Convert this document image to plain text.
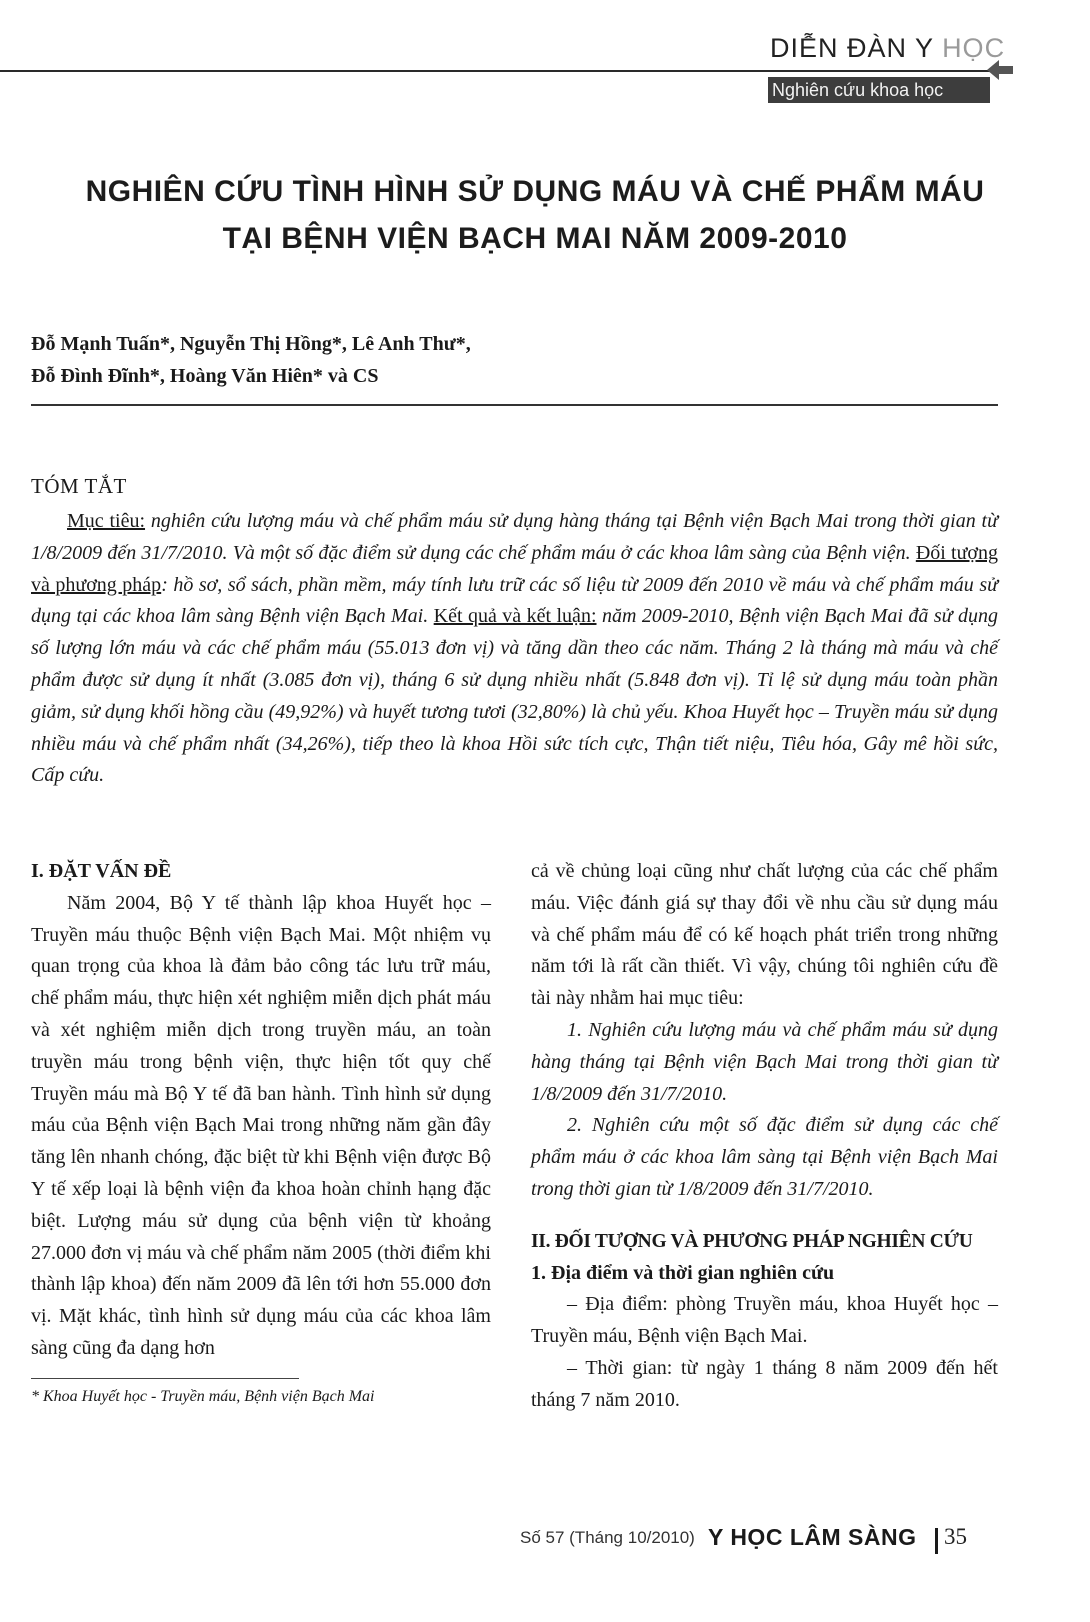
DIỄN ĐÀN Y HỌC
Nghiên cứu khoa học
NGHIÊN CỨU TÌNH HÌNH SỬ DỤNG MÁU VÀ CHẾ PHẨM MÁU
TẠI BỆNH VIỆN BẠCH MAI NĂM 2009-2010
Đỗ Mạnh Tuấn*, Nguyễn Thị Hồng*, Lê Anh Thư*,
Đỗ Đình Đĩnh*, Hoàng Văn Hiên* và CS
TÓM TẮT
Mục tiêu: nghiên cứu lượng máu và chế phẩm máu sử dụng hàng tháng tại Bệnh viện Bạch Mai trong thời gian từ 1/8/2009 đến 31/7/2010. Và một số đặc điểm sử dụng các chế phẩm máu ở các khoa lâm sàng của Bệnh viện. Đối tượng và phương pháp: hồ sơ, sổ sách, phần mềm, máy tính lưu trữ các số liệu từ 2009 đến 2010 về máu và chế phẩm máu sử dụng tại các khoa lâm sàng Bệnh viện Bạch Mai. Kết quả và kết luận: năm 2009-2010, Bệnh viện Bạch Mai đã sử dụng số lượng lớn máu và các chế phẩm máu (55.013 đơn vị) và tăng dần theo các năm. Tháng 2 là tháng mà máu và chế phẩm được sử dụng ít nhất (3.085 đơn vị), tháng 6 sử dụng nhiều nhất (5.848 đơn vị). Tỉ lệ sử dụng máu toàn phần giảm, sử dụng khối hồng cầu (49,92%) và huyết tương tươi (32,80%) là chủ yếu. Khoa Huyết học – Truyền máu sử dụng nhiều máu và chế phẩm nhất (34,26%), tiếp theo là khoa Hồi sức tích cực, Thận tiết niệu, Tiêu hóa, Gây mê hồi sức, Cấp cứu.

I. ĐẶT VẤN ĐỀ

Năm 2004, Bộ Y tế thành lập khoa Huyết học – Truyền máu thuộc Bệnh viện Bạch Mai. Một nhiệm vụ quan trọng của khoa là đảm bảo công tác lưu trữ máu, chế phẩm máu, thực hiện xét nghiệm miễn dịch phát máu và xét nghiệm miễn dịch trong truyền máu, an toàn truyền máu trong bệnh viện, thực hiện tốt quy chế Truyền máu mà Bộ Y tế đã ban hành. Tình hình sử dụng máu của Bệnh viện Bạch Mai trong những năm gần đây tăng lên nhanh chóng, đặc biệt từ khi Bệnh viện được Bộ Y tế xếp loại là bệnh viện đa khoa hoàn chỉnh hạng đặc biệt. Lượng máu sử dụng của bệnh viện từ khoảng 27.000 đơn vị máu và chế phẩm năm 2005 (thời điểm khi thành lập khoa) đến năm 2009 đã lên tới hơn 55.000 đơn vị. Mặt khác, tình hình sử dụng máu của các khoa lâm sàng cũng đa dạng hơn

cả về chủng loại cũng như chất lượng của các chế phẩm máu. Việc đánh giá sự thay đổi về nhu cầu sử dụng máu và chế phẩm máu để có kế hoạch phát triển trong những năm tới là rất cần thiết. Vì vậy, chúng tôi nghiên cứu đề tài này nhằm hai mục tiêu:

1. Nghiên cứu lượng máu và chế phẩm máu sử dụng hàng tháng tại Bệnh viện Bạch Mai trong thời gian từ 1/8/2009 đến 31/7/2010.

2. Nghiên cứu một số đặc điểm sử dụng các chế phẩm máu ở các khoa lâm sàng tại Bệnh viện Bạch Mai trong thời gian từ 1/8/2009 đến 31/7/2010.

II. ĐỐI TƯỢNG VÀ PHƯƠNG PHÁP NGHIÊN CỨU

1. Địa điểm và thời gian nghiên cứu

– Địa điểm: phòng Truyền máu, khoa Huyết học – Truyền máu, Bệnh viện Bạch Mai.

– Thời gian: từ ngày 1 tháng 8 năm 2009 đến hết tháng 7 năm 2010.

* Khoa Huyết học - Truyền máu, Bệnh viện Bạch Mai
Số 57 (Tháng 10/2010) Y HỌC LÂM SÀNG 35
